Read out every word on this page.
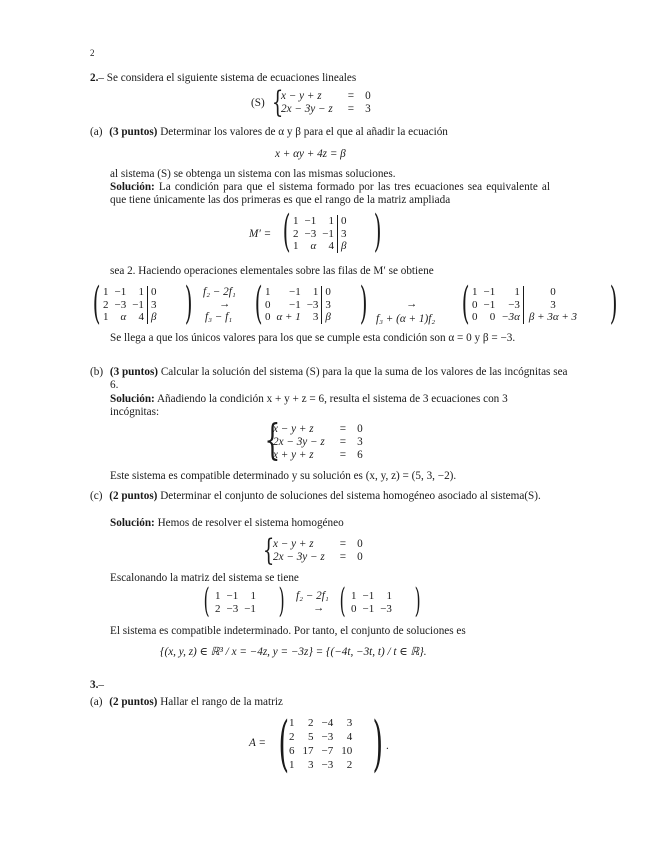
2
2.– Se considera el siguiente sistema de ecuaciones lineales
(S) {
x − y + z	=	0
2x − 3y − z	=	3
(a) (3 puntos) Determinar los valores de α y β para el que al añadir la ecuación
x + αy + 4z = β
al sistema (S) se obtenga un sistema con las mismas soluciones.
Solución: La condición para que el sistema formado por las tres ecuaciones sea equivalente al que tiene únicamente las dos primeras es que el rango de la matriz ampliada
M′ = ( 1	−1	1	0
2	−3	−1	3
1	α	4	β )
sea 2. Haciendo operaciones elementales sobre las filas de M′ se obtiene
( 1	−1	1	0
2	−3	−1	3
1	α	4	β ) f₂ − 2f₁
→
f₃ − f₁ ( 1	−1	1	0
0	−1	−3	3
0	α + 1	3	β )	→
f₃ + (α + 1)f₂ ( 1	−1	1	0
0	−1	−3	3
0	0	−3α	β + 3α + 3 )
Se llega a que los únicos valores para los que se cumple esta condición son α = 0 y β = −3.
(b) (3 puntos) Calcular la solución del sistema (S) para la que la suma de los valores de las incógnitas sea 6.
Solución: Añadiendo la condición x + y + z = 6, resulta el sistema de 3 ecuaciones con 3 incógnitas:
{
x − y + z	=	0
2x − 3y − z	=	3
x + y + z	=	6
Este sistema es compatible determinado y su solución es (x, y, z) = (5, 3, −2).
(c) (2 puntos) Determinar el conjunto de soluciones del sistema homogéneo asociado al sistema(S).
Solución: Hemos de resolver el sistema homogéneo
{
x − y + z	=	0
2x − 3y − z	=	0
Escalonando la matriz del sistema se tiene
( 1	−1	1
2	−3	−1 ) f₂ − 2f₁
→ ( 1	−1	1
0	−1	−3 )
El sistema es compatible indeterminado. Por tanto, el conjunto de soluciones es
{(x, y, z) ∈ ℝ³ / x = −4z, y = −3z} = {(−4t, −3t, t) / t ∈ ℝ}.
3.–
(a) (2 puntos) Hallar el rango de la matriz
A = ( 1	2	−4	3
2	5	−3	4
6	17	−7	10
1	3	−3	2 ) .
